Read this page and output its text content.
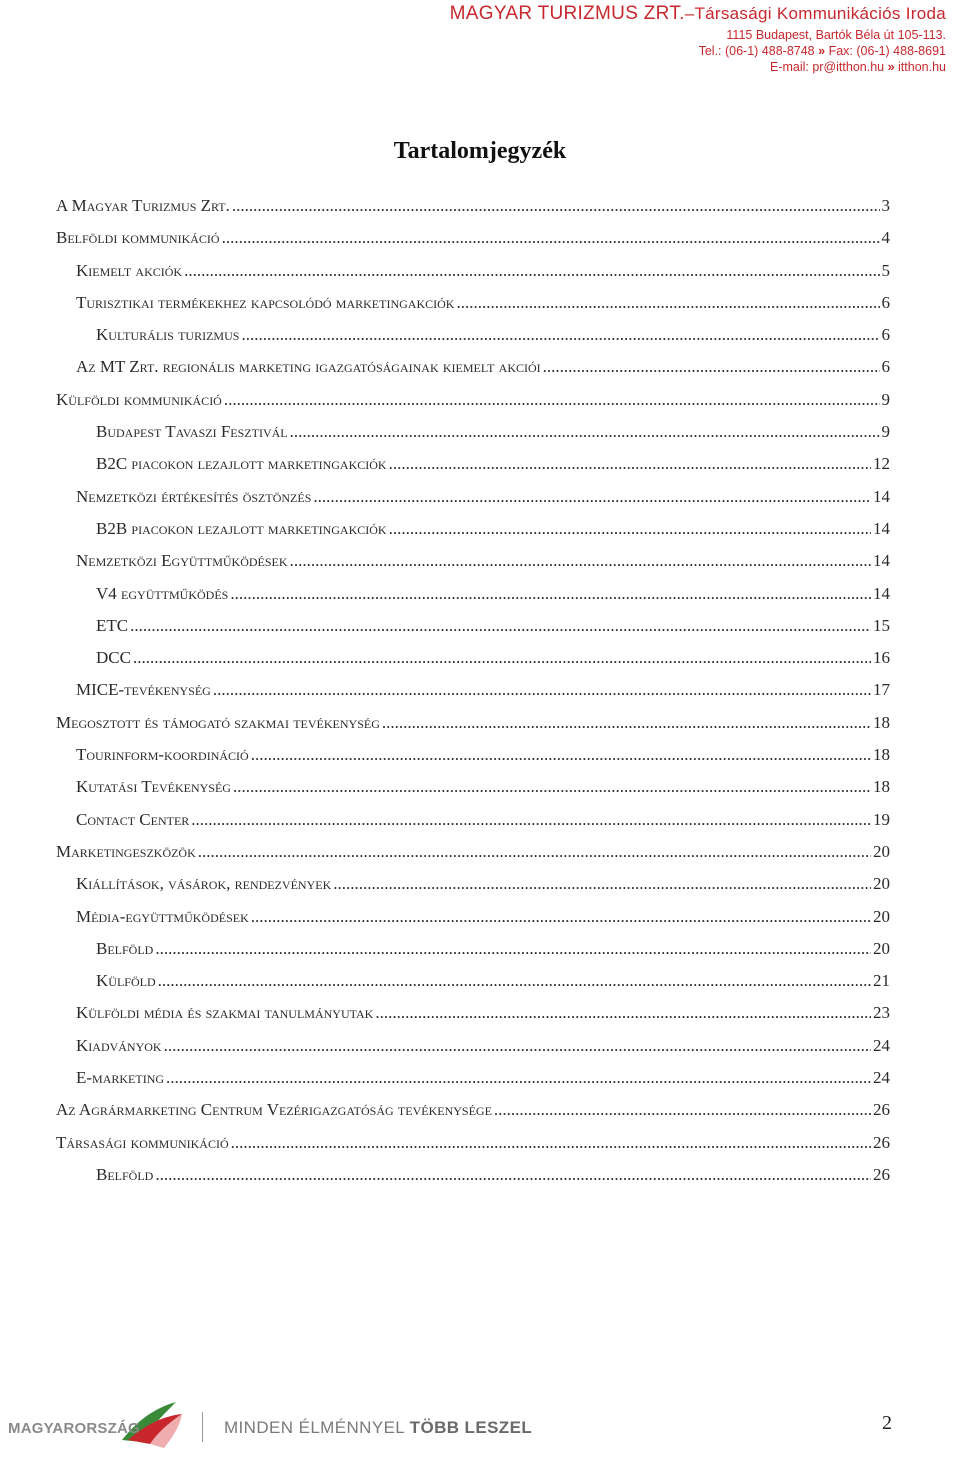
MAGYAR TURIZMUS ZRT.–Társasági Kommunikációs Iroda
1115 Budapest, Bartók Béla út 105-113.
Tel.: (06-1) 488-8748 » Fax: (06-1) 488-8691
E-mail: pr@itthon.hu » itthon.hu
Tartalomjegyzék
A Magyar Turizmus Zrt. .....	3
Belföldi kommunikáció .....	4
Kiemelt akciók .....	5
Turisztikai termékekhez kapcsolódó marketingakciók .....	6
Kulturális turizmus .....	6
Az MT Zrt. regionális marketing igazgatóságainak kiemelt akciói .....	6
Külföldi kommunikáció .....	9
Budapest Tavaszi Fesztivál .....	9
B2C piacokon lezajlott marketingakciók .....	12
Nemzetközi értékesítés ösztönzés .....	14
B2B piacokon lezajlott marketingakciók .....	14
Nemzetközi Együttműködések .....	14
V4 együttműködés .....	14
ETC .....	15
DCC .....	16
MICE-tevékenység .....	17
Megosztott és támogató szakmai tevékenység .....	18
Tourinform-koordináció .....	18
Kutatási Tevékenység .....	18
Contact Center .....	19
Marketingeszközök .....	20
Kiállítások, vásárok, rendezvények .....	20
Média-együttműködések .....	20
Belföld .....	20
Külföld .....	21
Külföldi média és szakmai tanulmányutak .....	23
Kiadványok .....	24
E-marketing .....	24
Az Agrármarketing Centrum Vezérigazgatóság tevékenysége .....	26
Társasági kommunikáció .....	26
Belföld .....	26
MAGYARORSZÁG	MINDEN ÉLMÉNNYEL TÖBB LESZEL	2
